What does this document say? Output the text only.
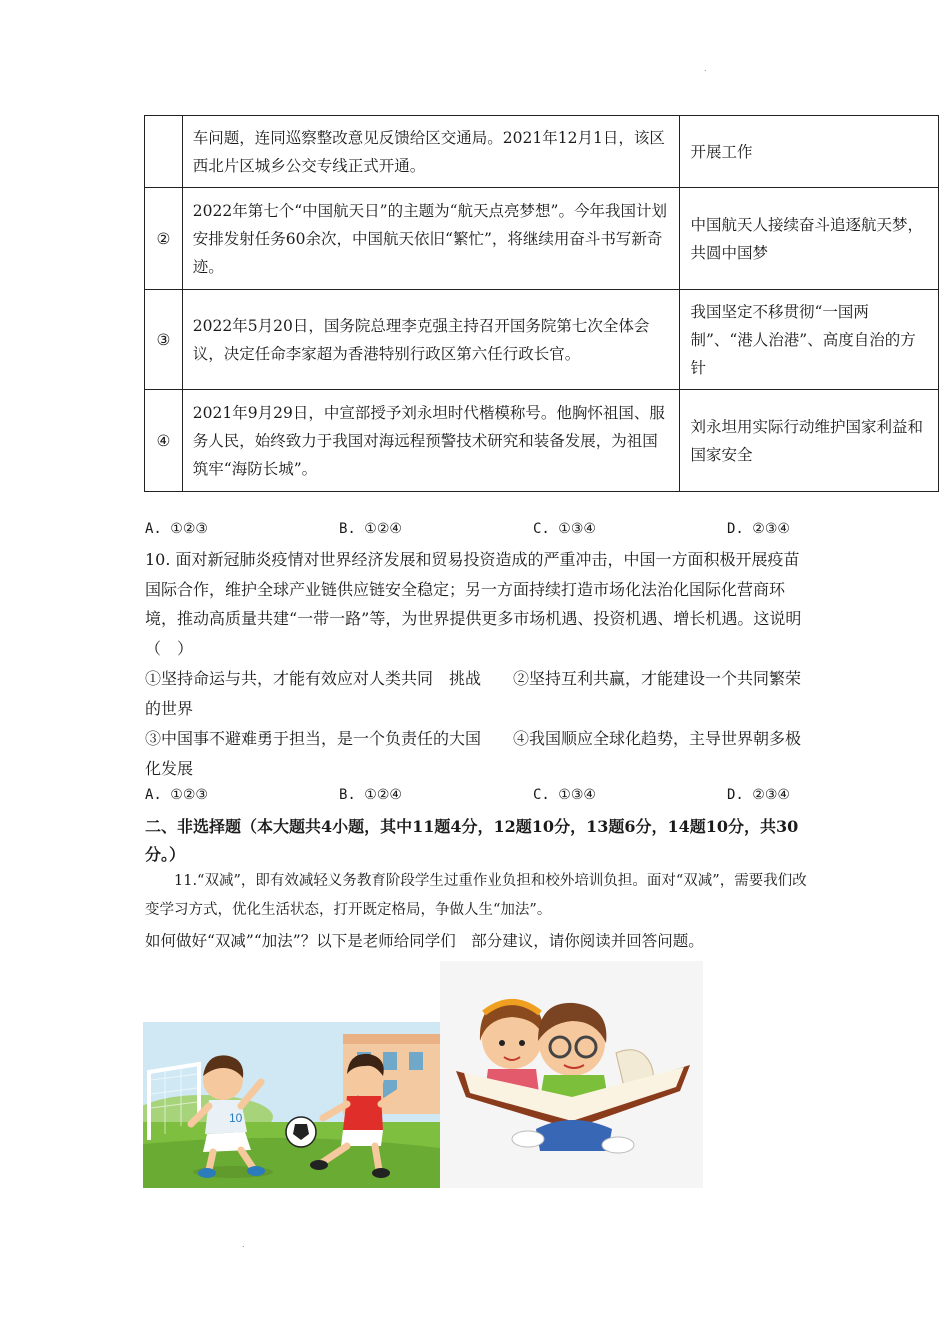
.
	车问题，连同巡察整改意见反馈给区交通局。2021年12月1日，该区西北片区城乡公交专线正式开通。	开展工作
②	2022年第七个“中国航天日”的主题为“航天点亮梦想”。今年我国计划安排发射任务60余次，中国航天依旧“繁忙”，将继续用奋斗书写新奇迹。	中国航天人接续奋斗追逐航天梦，共圆中国梦
③	2022年5月20日，国务院总理李克强主持召开国务院第七次全体会议，决定任命李家超为香港特别行政区第六任行政长官。	我国坚定不移贯彻“一国两制”、“港人治港”、高度自治的方针
④	2021年9月29日，中宣部授予刘永坦时代楷模称号。他胸怀祖国、服务人民，始终致力于我国对海远程预警技术研究和装备发展，为祖国筑牢“海防长城”。	刘永坦用实际行动维护国家利益和国家安全
A. ①②③	B. ①②④	C. ①③④	D. ②③④
10. 面对新冠肺炎疫情对世界经济发展和贸易投资造成的严重冲击，中国一方面积极开展疫苗国际合作，维护全球产业链供应链安全稳定；另一方面持续打造市场化法治化国际化营商环境，推动高质量共建“一带一路”等，为世界提供更多市场机遇、投资机遇、增长机遇。这说明（　）
①坚持命运与共，才能有效应对人类共同　挑战　　②坚持互利共赢，才能建设一个共同繁荣的世界
③中国事不避难勇于担当，是一个负责任的大国　　④我国顺应全球化趋势，主导世界朝多极化发展
A. ①②③	B. ①②④	C. ①③④	D. ②③④
二、非选择题（本大题共4小题，其中11题4分，12题10分，13题6分，14题10分，共30分。）
11.“双减”，即有效减轻义务教育阶段学生过重作业负担和校外培训负担。面对“双减”，需要我们改变学习方式，优化生活状态，打开既定格局，争做人生“加法”。
如何做好“双减”“加法”？以下是老师给同学们　部分建议，请你阅读并回答问题。
10
.
